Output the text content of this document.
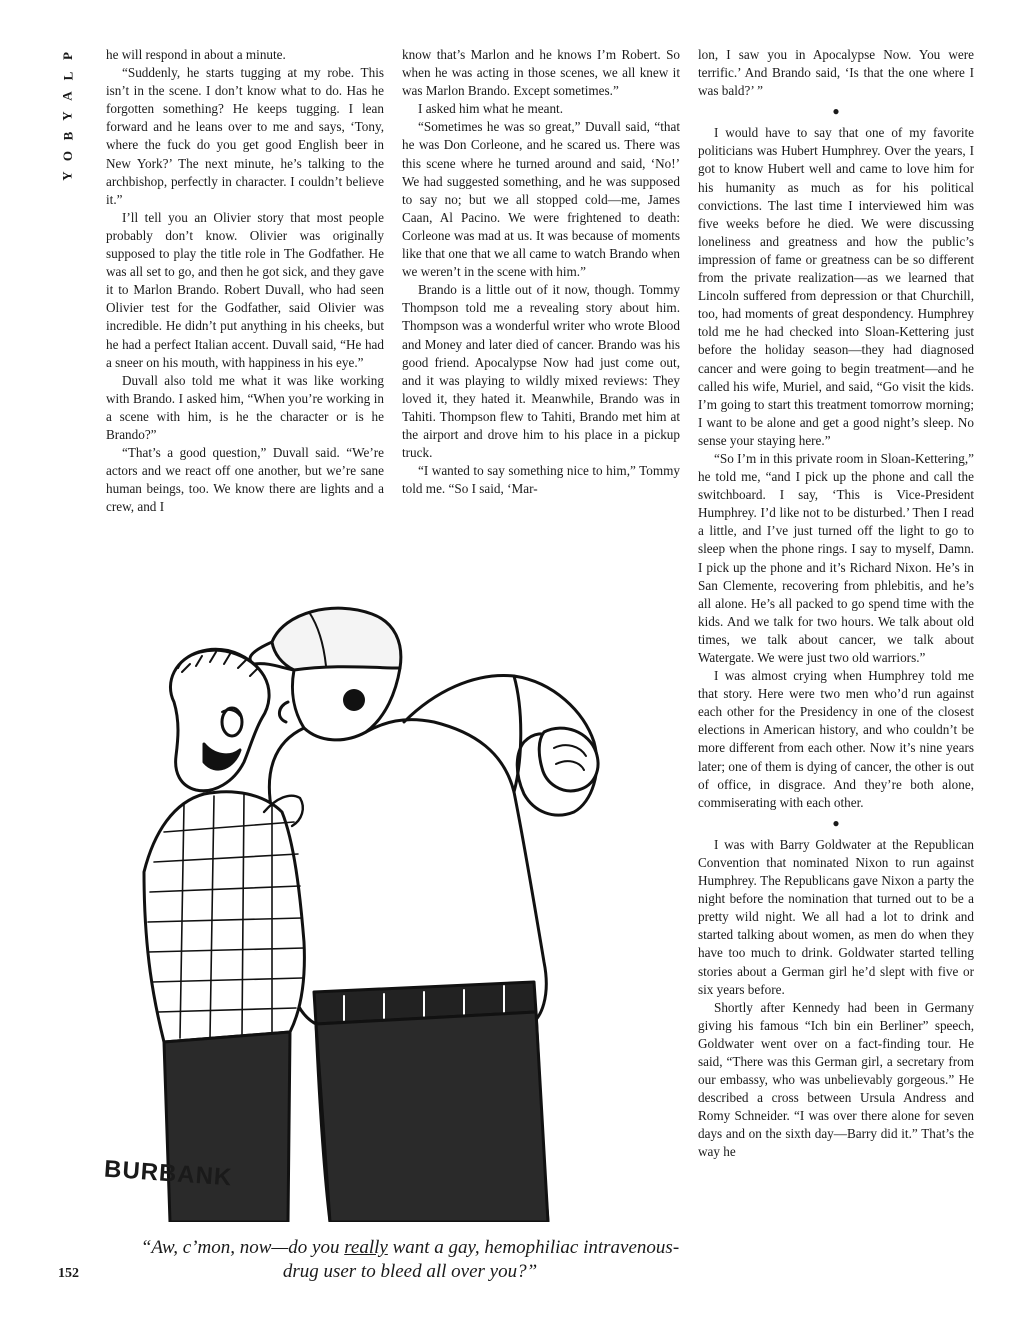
P
L
A
Y
B
O
Y

he will respond in about a minute.

“Suddenly, he starts tugging at my robe. This isn’t in the scene. I don’t know what to do. Has he forgotten something? He keeps tugging. I lean forward and he leans over to me and says, ‘Tony, where the fuck do you get good English beer in New York?’ The next minute, he’s talking to the archbishop, perfectly in character. I couldn’t believe it.”

I’ll tell you an Olivier story that most people probably don’t know. Olivier was originally supposed to play the title role in The Godfather. He was all set to go, and then he got sick, and they gave it to Marlon Brando. Robert Duvall, who had seen Olivier test for the Godfather, said Olivier was incredible. He didn’t put anything in his cheeks, but he had a perfect Italian accent. Duvall said, “He had a sneer on his mouth, with happiness in his eye.”

Duvall also told me what it was like working with Brando. I asked him, “When you’re working in a scene with him, is he the character or is he Brando?”

“That’s a good question,” Duvall said. “We’re actors and we react off one another, but we’re sane human beings, too. We know there are lights and a crew, and I

know that’s Marlon and he knows I’m Robert. So when he was acting in those scenes, we all knew it was Marlon Brando. Except sometimes.”

I asked him what he meant.

“Sometimes he was so great,” Duvall said, “that he was Don Corleone, and he scared us. There was this scene where he turned around and said, ‘No!’ We had suggested something, and he was supposed to say no; but we all stopped cold—me, James Caan, Al Pacino. We were frightened to death: Corleone was mad at us. It was because of moments like that one that we all came to watch Brando when we weren’t in the scene with him.”

Brando is a little out of it now, though. Tommy Thompson told me a revealing story about him. Thompson was a wonderful writer who wrote Blood and Money and later died of cancer. Brando was his good friend. Apocalypse Now had just come out, and it was playing to wildly mixed reviews: They loved it, they hated it. Meanwhile, Brando was in Tahiti. Thompson flew to Tahiti, Brando met him at the airport and drove him to his place in a pickup truck.

“I wanted to say something nice to him,” Tommy told me. “So I said, ‘Mar-

lon, I saw you in Apocalypse Now. You were terrific.’ And Brando said, ‘Is that the one where I was bald?’ ”

●

I would have to say that one of my favorite politicians was Hubert Humphrey. Over the years, I got to know Hubert well and came to love him for his humanity as much as for his political convictions. The last time I interviewed him was five weeks before he died. We were discussing loneliness and greatness and how the public’s impression of fame or greatness can be so different from the private realization—as we learned that Lincoln suffered from depression or that Churchill, too, had moments of great despondency. Humphrey told me he had checked into Sloan-Kettering just before the holiday season—they had diagnosed cancer and were going to begin treatment—and he called his wife, Muriel, and said, “Go visit the kids. I’m going to start this treatment tomorrow morning; I want to be alone and get a good night’s sleep. No sense your staying here.”

“So I’m in this private room in Sloan-Kettering,” he told me, “and I pick up the phone and call the switchboard. I say, ‘This is Vice-President Humphrey. I’d like not to be disturbed.’ Then I read a little, and I’ve just turned off the light to go to sleep when the phone rings. I say to myself, Damn. I pick up the phone and it’s Richard Nixon. He’s in San Clemente, recovering from phlebitis, and he’s all alone. He’s all packed to go spend time with the kids. And we talk for two hours. We talk about old times, we talk about cancer, we talk about Watergate. We were just two old warriors.”

I was almost crying when Humphrey told me that story. Here were two men who’d run against each other for the Presidency in one of the closest elections in American history, and who couldn’t be more different from each other. Now it’s nine years later; one of them is dying of cancer, the other is out of office, in disgrace. And they’re both alone, commiserating with each other.

●

I was with Barry Goldwater at the Republican Convention that nominated Nixon to run against Humphrey. The Republicans gave Nixon a party the night before the nomination that turned out to be a pretty wild night. We all had a lot to drink and started talking about women, as men do when they have too much to drink. Goldwater started telling stories about a German girl he’d slept with five or six years before.

Shortly after Kennedy had been in Germany giving his famous “Ich bin ein Berliner” speech, Goldwater went over on a fact-finding tour. He said, “There was this German girl, a secretary from our embassy, who was unbelievably gorgeous.” He described a cross between Ursula Andress and Romy Schneider. “I was over there alone for seven days and on the sixth day—Barry did it.” That’s the way he

BURBANK
“Aw, c’mon, now—do you really want a gay, hemophiliac intravenous-drug user to bleed all over you?”
152
